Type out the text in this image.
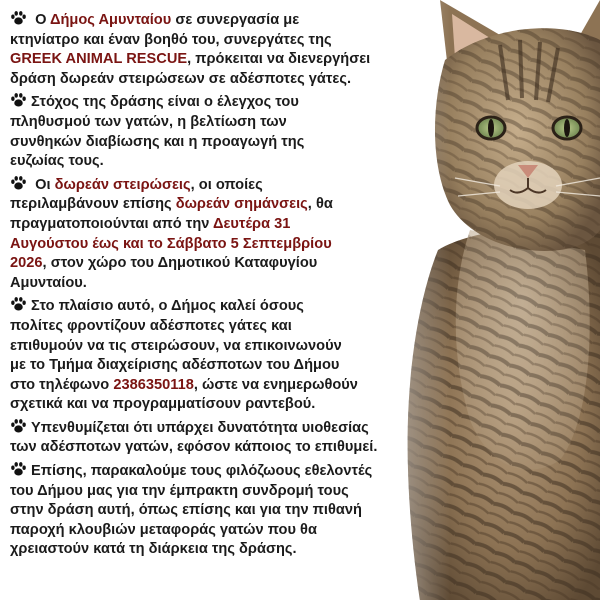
Ο Δήμος Αμυνταίου σε συνεργασία με
κτηνίατρο και έναν βοηθό του, συνεργάτες της
GREEK ANIMAL RESCUE, πρόκειται να διενεργήσει
δράση δωρεάν στειρώσεων σε αδέσποτες γάτες.
Στόχος της δράσης είναι ο έλεγχος του
πληθυσμού των γατών, η βελτίωση των
συνθηκών διαβίωσης και η προαγωγή της
ευζωίας τους.
Οι δωρεάν στειρώσεις, οι οποίες
περιλαμβάνουν επίσης δωρεάν σημάνσεις, θα
πραγματοποιούνται από την Δευτέρα 31
Αυγούστου έως και το Σάββατο 5 Σεπτεμβρίου
2026, στον χώρο του Δημοτικού Καταφυγίου
Αμυνταίου.
Στο πλαίσιο αυτό, ο Δήμος καλεί όσους
πολίτες φροντίζουν αδέσποτες γάτες και
επιθυμούν να τις στειρώσουν, να επικοινωνούν
με το Τμήμα διαχείρισης αδέσποτων του Δήμου
στο τηλέφωνο 2386350118, ώστε να ενημερωθούν
σχετικά και να προγραμματίσουν ραντεβού.
Υπενθυμίζεται ότι υπάρχει δυνατότητα υιοθεσίας
των αδέσποτων γατών, εφόσον κάποιος το επιθυμεί.
Επίσης, παρακαλούμε τους φιλόζωους εθελοντές
του Δήμου μας για την έμπρακτη συνδρομή τους
στην δράση αυτή, όπως επίσης και για την πιθανή
παροχή κλουβιών μεταφοράς γατών που θα
χρειαστούν κατά τη διάρκεια της δράσης.
